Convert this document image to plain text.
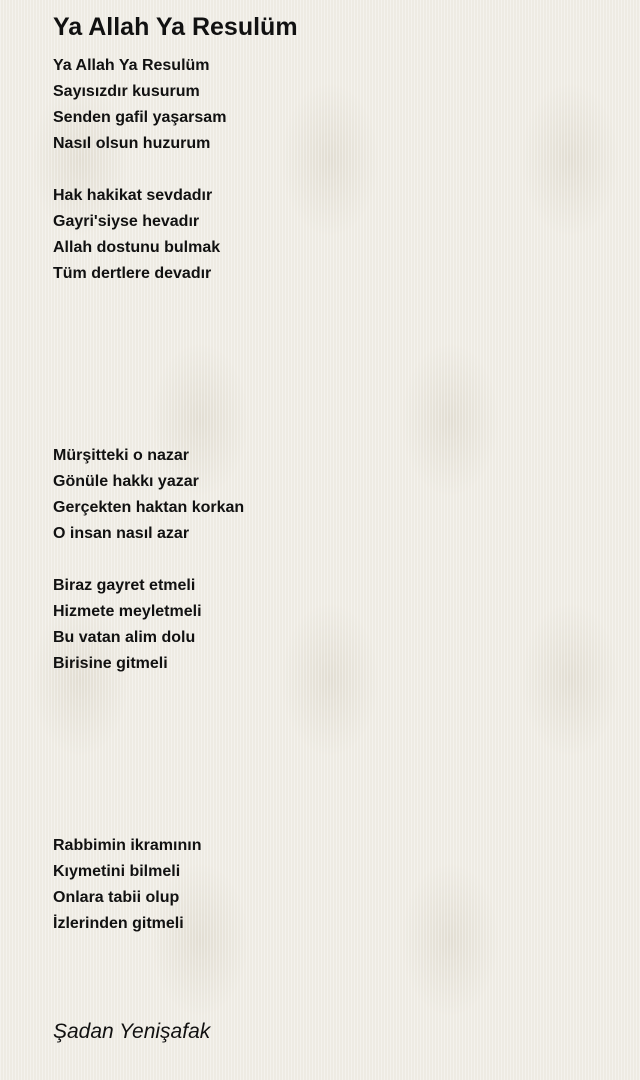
Ya Allah Ya Resulüm
Ya Allah Ya Resulüm
Sayısızdır kusurum
Senden gafil yaşarsam
Nasıl olsun huzurum
Hak hakikat sevdadır
Gayri'siyse hevadır
Allah dostunu bulmak
Tüm dertlere devadır
Mürşitteki o nazar
Gönüle hakkı yazar
Gerçekten haktan korkan
O insan nasıl azar
Biraz gayret etmeli
Hizmete meyletmeli
Bu vatan alim dolu
Birisine gitmeli
Rabbimin ikramının
Kıymetini bilmeli
Onlara tabii olup
İzlerinden gitmeli
Şadan Yenişafak
